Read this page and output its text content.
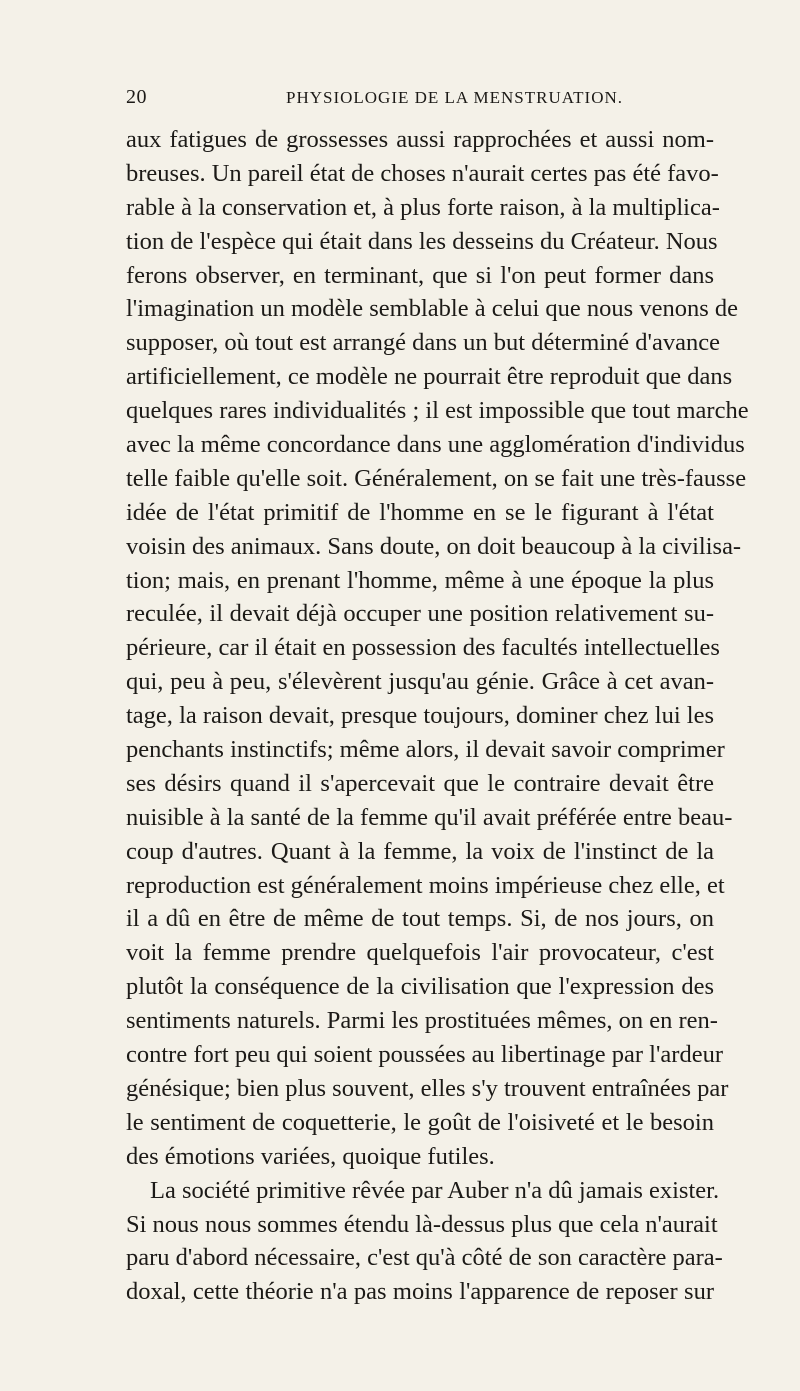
20	PHYSIOLOGIE DE LA MENSTRUATION.
aux fatigues de grossesses aussi rapprochées et aussi nom-
breuses. Un pareil état de choses n'aurait certes pas été favo-
rable à la conservation et, à plus forte raison, à la multiplica-
tion de l'espèce qui était dans les desseins du Créateur. Nous
ferons observer, en terminant, que si l'on peut former dans
l'imagination un modèle semblable à celui que nous venons de
supposer, où tout est arrangé dans un but déterminé d'avance
artificiellement, ce modèle ne pourrait être reproduit que dans
quelques rares individualités ; il est impossible que tout marche
avec la même concordance dans une agglomération d'individus
telle faible qu'elle soit. Généralement, on se fait une très-fausse
idée de l'état primitif de l'homme en se le figurant à l'état
voisin des animaux. Sans doute, on doit beaucoup à la civilisa-
tion; mais, en prenant l'homme, même à une époque la plus
reculée, il devait déjà occuper une position relativement su-
périeure, car il était en possession des facultés intellectuelles
qui, peu à peu, s'élevèrent jusqu'au génie. Grâce à cet avan-
tage, la raison devait, presque toujours, dominer chez lui les
penchants instinctifs; même alors, il devait savoir comprimer
ses désirs quand il s'apercevait que le contraire devait être
nuisible à la santé de la femme qu'il avait préférée entre beau-
coup d'autres. Quant à la femme, la voix de l'instinct de la
reproduction est généralement moins impérieuse chez elle, et
il a dû en être de même de tout temps. Si, de nos jours, on
voit la femme prendre quelquefois l'air provocateur, c'est
plutôt la conséquence de la civilisation que l'expression des
sentiments naturels. Parmi les prostituées mêmes, on en ren-
contre fort peu qui soient poussées au libertinage par l'ardeur
génésique; bien plus souvent, elles s'y trouvent entraînées par
le sentiment de coquetterie, le goût de l'oisiveté et le besoin
des émotions variées, quoique futiles.
La société primitive rêvée par Auber n'a dû jamais exister.
Si nous nous sommes étendu là-dessus plus que cela n'aurait
paru d'abord nécessaire, c'est qu'à côté de son caractère para-
doxal, cette théorie n'a pas moins l'apparence de reposer sur
